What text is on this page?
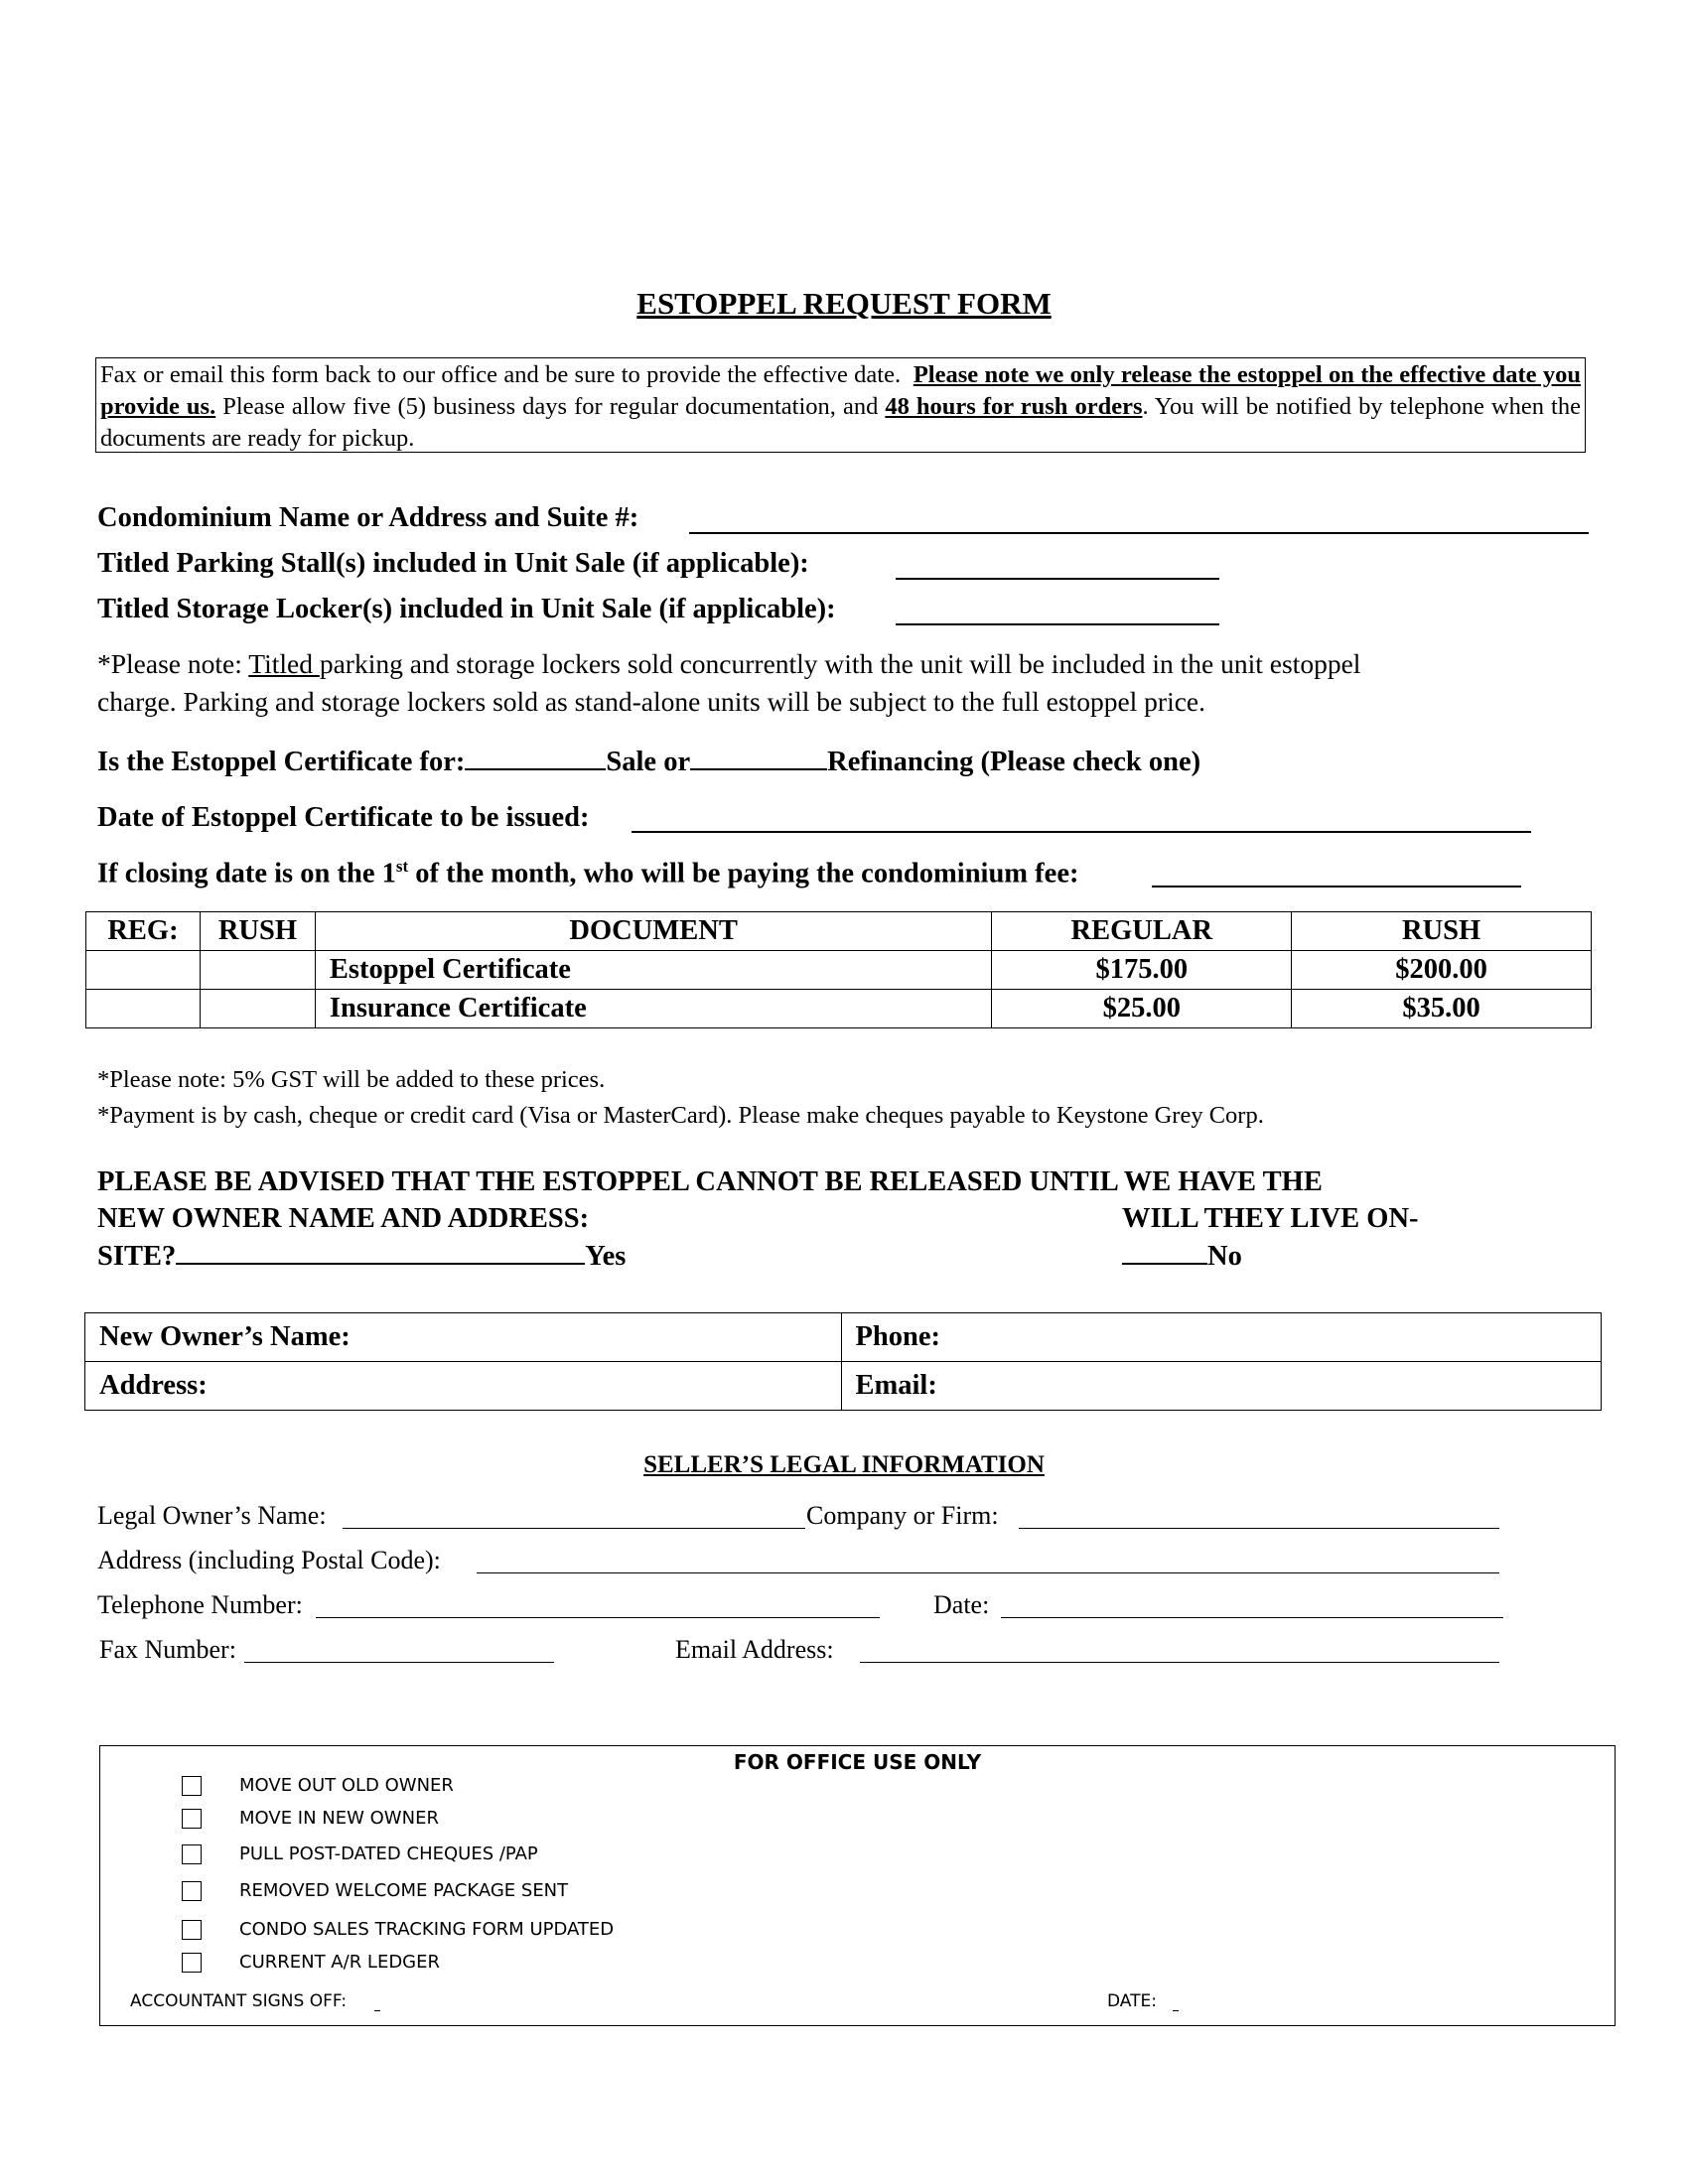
ESTOPPEL REQUEST FORM
Fax or email this form back to our office and be sure to provide the effective date. Please note we only release the estoppel on the effective date you provide us. Please allow five (5) business days for regular documentation, and 48 hours for rush orders. You will be notified by telephone when the documents are ready for pickup.
Condominium Name or Address and Suite #:
Titled Parking Stall(s) included in Unit Sale (if applicable):
Titled Storage Locker(s) included in Unit Sale (if applicable):
*Please note: Titled parking and storage lockers sold concurrently with the unit will be included in the unit estoppel
charge. Parking and storage lockers sold as stand-alone units will be subject to the full estoppel price.
Is the Estoppel Certificate for:	Sale or	Refinancing (Please check one)
Date of Estoppel Certificate to be issued:
If closing date is on the 1st of the month, who will be paying the condominium fee:
REG:	RUSH	DOCUMENT	REGULAR	RUSH
		Estoppel Certificate	$175.00	$200.00
		Insurance Certificate	$25.00	$35.00
*Please note: 5% GST will be added to these prices.
*Payment is by cash, cheque or credit card (Visa or MasterCard). Please make cheques payable to Keystone Grey Corp.
PLEASE BE ADVISED THAT THE ESTOPPEL CANNOT BE RELEASED UNTIL WE HAVE THE
NEW OWNER NAME AND ADDRESS:	WILL THEY LIVE ON-
SITE?	Yes	No
New Owner’s Name:	Phone:
Address:	Email:
SELLER’S LEGAL INFORMATION
Legal Owner’s Name:	Company or Firm:
Address (including Postal Code):
Telephone Number:	Date:
Fax Number:	Email Address:
FOR OFFICE USE ONLY
MOVE OUT OLD OWNER
MOVE IN NEW OWNER
PULL POST-DATED CHEQUES /PAP
REMOVED WELCOME PACKAGE SENT
CONDO SALES TRACKING FORM UPDATED
CURRENT A/R LEDGER
ACCOUNTANT SIGNS OFF:	DATE:
